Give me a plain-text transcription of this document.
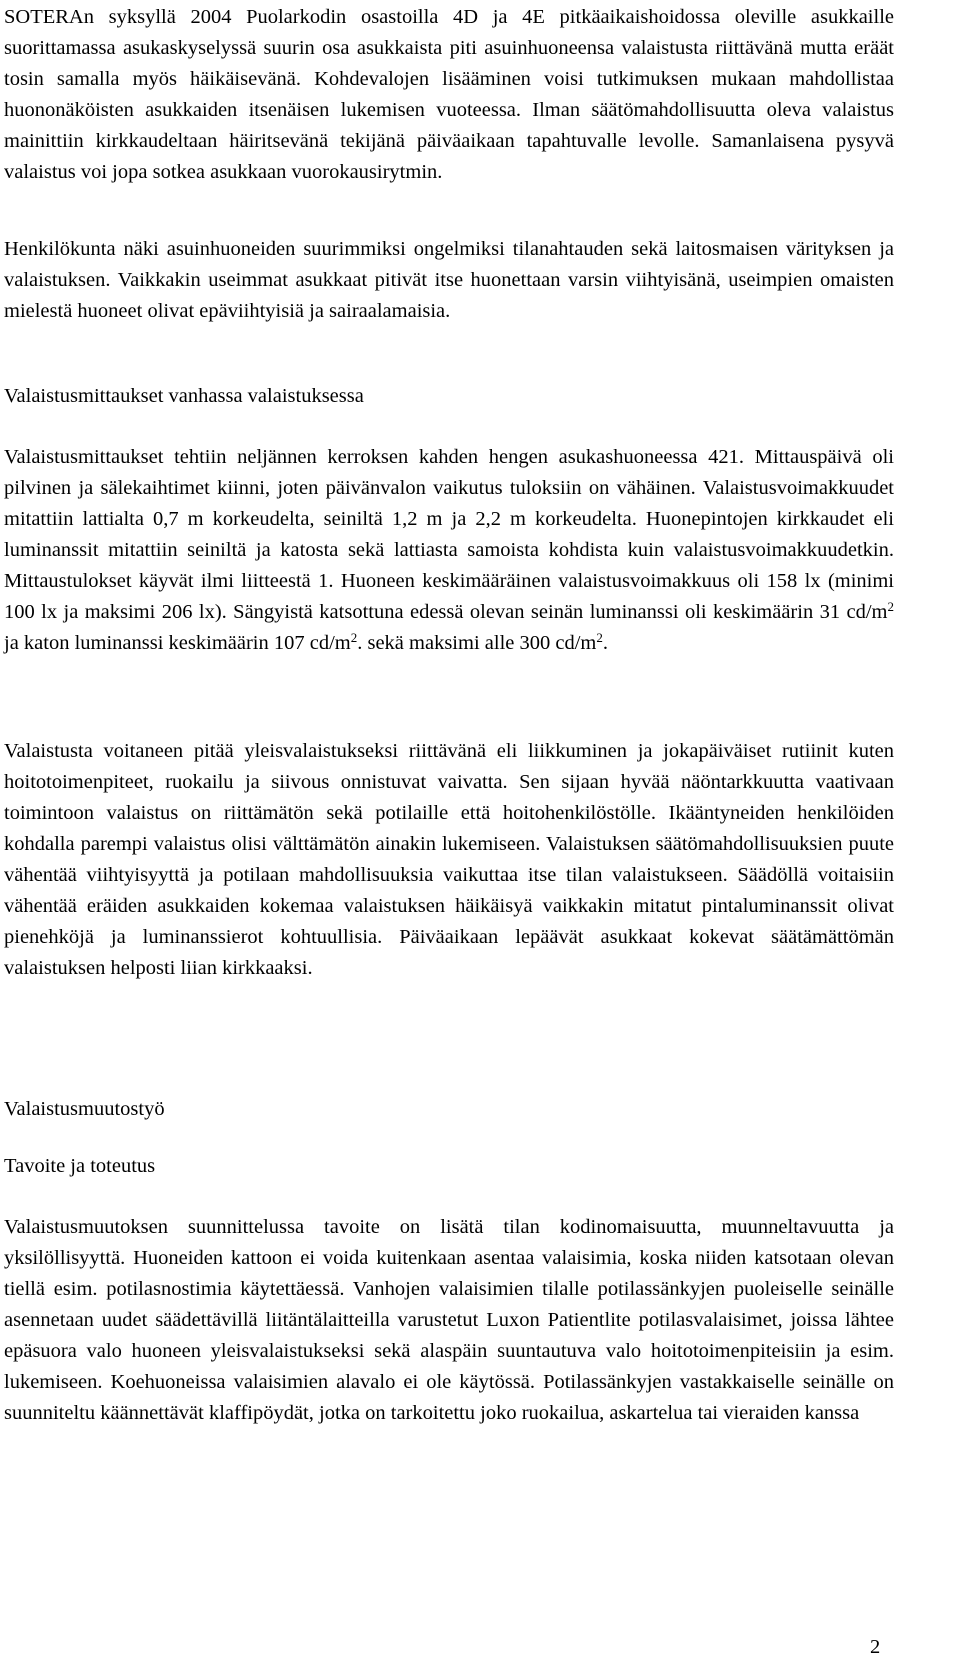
SOTERAn syksyllä 2004 Puolarkodin osastoilla 4D ja 4E pitkäaikaishoidossa oleville asukkaille suorittamassa asukaskyselyssä suurin osa asukkaista piti asuinhuoneensa valaistusta riittävänä mutta eräät tosin samalla myös häikäisevänä. Kohdevalojen lisääminen voisi tutkimuksen mukaan mahdollistaa huononäköisten asukkaiden itsenäisen lukemisen vuoteessa. Ilman säätömahdollisuutta oleva valaistus mainittiin kirkkaudeltaan häiritsevänä tekijänä päiväaikaan tapahtuvalle levolle. Samanlaisena pysyvä valaistus voi jopa sotkea asukkaan vuorokausirytmin.

Henkilökunta näki asuinhuoneiden suurimmiksi ongelmiksi tilanahtauden sekä laitosmaisen värityksen ja valaistuksen. Vaikkakin useimmat asukkaat pitivät itse huonettaan varsin viihtyisänä, useimpien omaisten mielestä huoneet olivat epäviihtyisiä ja sairaalamaisia.

Valaistusmittaukset vanhassa valaistuksessa

Valaistusmittaukset tehtiin neljännen kerroksen kahden hengen asukashuoneessa 421. Mittauspäivä oli pilvinen ja sälekaihtimet kiinni, joten päivänvalon vaikutus tuloksiin on vähäinen. Valaistusvoimakkuudet mitattiin lattialta 0,7 m korkeudelta, seiniltä 1,2 m ja 2,2 m korkeudelta. Huonepintojen kirkkaudet eli luminanssit mitattiin seiniltä ja katosta sekä lattiasta samoista kohdista kuin valaistusvoimakkuudetkin. Mittaustulokset käyvät ilmi liitteestä 1. Huoneen keskimääräinen valaistusvoimakkuus oli 158 lx (minimi 100 lx ja maksimi 206 lx). Sängyistä katsottuna edessä olevan seinän luminanssi oli keskimäärin 31 $cd/m^2$ ja katon luminanssi keskimäärin 107 $cd/m^2$. sekä maksimi alle 300 $cd/m^2$.

Valaistusta voitaneen pitää yleisvalaistukseksi riittävänä eli liikkuminen ja jokapäiväiset rutiinit kuten hoitotoimenpiteet, ruokailu ja siivous onnistuvat vaivatta. Sen sijaan hyvää näöntarkkuutta vaativaan toimintoon valaistus on riittämätön sekä potilaille että hoitohenkilöstölle. Ikääntyneiden henkilöiden kohdalla parempi valaistus olisi välttämätön ainakin lukemiseen. Valaistuksen säätömahdollisuuksien puute vähentää viihtyisyyttä ja potilaan mahdollisuuksia vaikuttaa itse tilan valaistukseen. Säädöllä voitaisiin vähentää eräiden asukkaiden kokemaa valaistuksen häikäisyä vaikkakin mitatut pintaluminanssit olivat pienehköjä ja luminanssierot kohtuullisia. Päiväaikaan lepäävät asukkaat kokevat säätämättömän valaistuksen helposti liian kirkkaaksi.

Valaistusmuutostyö

Tavoite ja toteutus

Valaistusmuutoksen suunnittelussa tavoite on lisätä tilan kodinomaisuutta, muunneltavuutta ja yksilöllisyyttä. Huoneiden kattoon ei voida kuitenkaan asentaa valaisimia, koska niiden katsotaan olevan tiellä esim. potilasnostimia käytettäessä. Vanhojen valaisimien tilalle potilassänkyjen puoleiselle seinälle asennetaan uudet säädettävillä liitäntälaitteilla varustetut Luxon Patientlite potilasvalaisimet, joissa lähtee epäsuora valo huoneen yleisvalaistukseksi sekä alaspäin suuntautuva valo hoitotoimenpiteisiin ja esim. lukemiseen. Koehuoneissa valaisimien alavalo ei ole käytössä. Potilassänkyjen vastakkaiselle seinälle on suunniteltu käännettävät klaffipöydät, jotka on tarkoitettu joko ruokailua, askartelua tai vieraiden kanssa

2
